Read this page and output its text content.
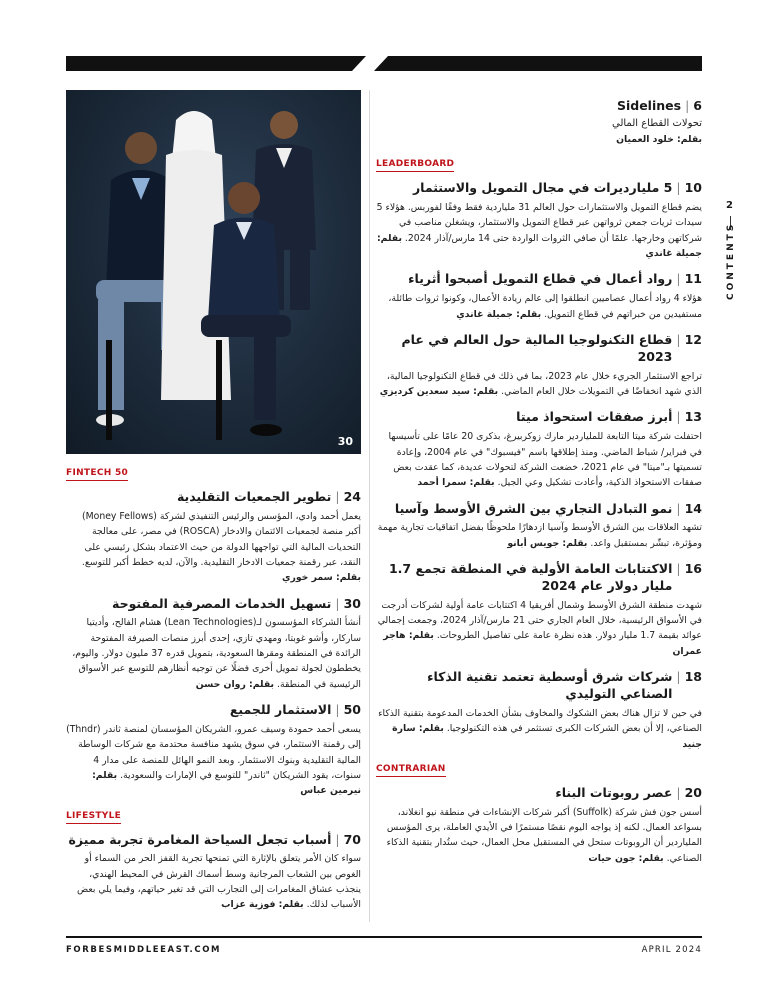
30
2
CONTENTS
6
|
Sidelines
تحولات القطاع المالي
بقلم: خلود العميان
LEADERBOARD
10
|
5 مليارديرات في مجال التمويل والاستثمار
يضم قطاع التمويل والاستثمارات حول العالم 31 ملياردية فقط وفقًا لفوربس. هؤلاء 5 سيدات ثريات جمعن ثرواتهن عبر قطاع التمويل والاستثمار، ويشغلن مناصب في شركاتهن وخارجها. علمًا أن صافي الثروات الواردة حتى 14 مارس/آذار 2024. بقلم: جميلة غاندي
11
|
رواد أعمال في قطاع التمويل أصبحوا أثرياء
هؤلاء 4 رواد أعمال عصاميين انطلقوا إلى عالم ريادة الأعمال، وكونوا ثروات طائلة، مستفيدين من خبراتهم في قطاع التمويل. بقلم: جميلة غاندي
12
|
قطاع التكنولوجيا المالية حول العالم في عام 2023
تراجع الاستثمار الجريء خلال عام 2023، بما في ذلك في قطاع التكنولوجيا المالية، الذي شهد انخفاضًا في التمويلات خلال العام الماضي. بقلم: سيد سعدين كرديزي
13
|
أبرز صفقات استحواذ ميتا
احتفلت شركة ميتا التابعة للملياردير مارك زوكربيرغ، بذكرى 20 عامًا على تأسيسها في فبراير/ شباط الماضي. ومنذ إطلاقها باسم "فيسبوك" في عام 2004، وإعادة تسميتها بـ"ميتا" في عام 2021، خضعت الشركة لتحولات عديدة، كما عقدت بعض صفقات الاستحواذ الذكية، وأعادت تشكيل وعي الجيل. بقلم: سمرا أحمد
14
|
نمو التبادل التجاري بين الشرق الأوسط وآسيا
تشهد العلاقات بين الشرق الأوسط وآسيا ازدهارًا ملحوظًا بفضل اتفاقيات تجارية مهمة ومؤثرة، تبشّر بمستقبل واعد. بقلم: جويس أبانو
16
|
الاكتتابات العامة الأولية في المنطقة تجمع 1.7 مليار دولار عام 2024
شهدت منطقة الشرق الأوسط وشمال أفريقيا 4 اكتتابات عامة أولية لشركات أدرجت في الأسواق الرئيسية، خلال العام الجاري حتى 21 مارس/آذار 2024، وجمعت إجمالي عوائد بقيمة 1.7 مليار دولار. هذه نظرة عامة على تفاصيل الطروحات. بقلم: هاجر عمران
18
|
شركات شرق أوسطية تعتمد تقنية الذكاء الصناعي التوليدي
في حين لا تزال هناك بعض الشكوك والمخاوف بشأن الخدمات المدعومة بتقنية الذكاء الصناعي، إلا أن بعض الشركات الكبرى تستثمر في هذه التكنولوجيا. بقلم: سارة جنيد
CONTRARIAN
20
|
عصر روبوتات البناء
أسس جون فش شركة (Suffolk) أكبر شركات الإنشاءات في منطقة نيو انغلاند، بسواعد العمال. لكنه إذ يواجه اليوم نقصًا مستمرًا في الأيدي العاملة، يرى المؤسس الملياردير أن الروبوتات ستحل في المستقبل محل العمال، حيث ستُدار بتقنية الذكاء الصناعي. بقلم: جون حيات
FINTECH 50
24
|
تطوير الجمعيات التقليدية
يعمل أحمد وادي، المؤسس والرئيس التنفيذي لشركة (Money Fellows) أكبر منصة لجمعيات الائتمان والادخار (ROSCA) في مصر، على معالجة التحديات المالية التي تواجهها الدولة من حيث الاعتماد بشكل رئيسي على النقد، عبر رقمنة جمعيات الادخار التقليدية. والآن، لديه خطط أكبر للتوسع. بقلم: سمر خوري
30
|
تسهيل الخدمات المصرفية المفتوحة
أنشأ الشركاء المؤسسون لـ(Lean Technologies) هشام الفالح، وأديتيا ساركار، وأشو غوبتا، ومهدي تازي، إحدى أبرز منصات الصيرفة المفتوحة الرائدة في المنطقة ومقرها السعودية، بتمويل قدره 37 مليون دولار. واليوم، يخططون لجولة تمويل أخرى فضلًا عن توجيه أنظارهم للتوسع عبر الأسواق الرئيسية في المنطقة. بقلم: روان حسن
50
|
الاستثمار للجميع
يسعى أحمد حمودة وسيف عمرو، الشريكان المؤسسان لمنصة ثاندر (Thndr) إلى رقمنة الاستثمار، في سوق يشهد منافسة محتدمة مع شركات الوساطة المالية التقليدية وبنوك الاستثمار. وبعد النمو الهائل للمنصة على مدار 4 سنوات، يقود الشريكان "ثاندر" للتوسع في الإمارات والسعودية. بقلم: نيرمين عباس
LIFESTYLE
70
|
أسباب تجعل السياحة المغامرة تجربة مميزة
سواء كان الأمر يتعلق بالإثارة التي تمنحها تجربة القفز الحر من السماء أو الغوص بين الشعاب المرجانية وسط أسماك القرش في المحيط الهندي، ينجذب عشاق المغامرات إلى التجارب التي قد تغير حياتهم، وفيما يلي بعض الأسباب لذلك. بقلم: فوزية عزاب
FORBESMIDDLEEAST.COM	APRIL 2024
